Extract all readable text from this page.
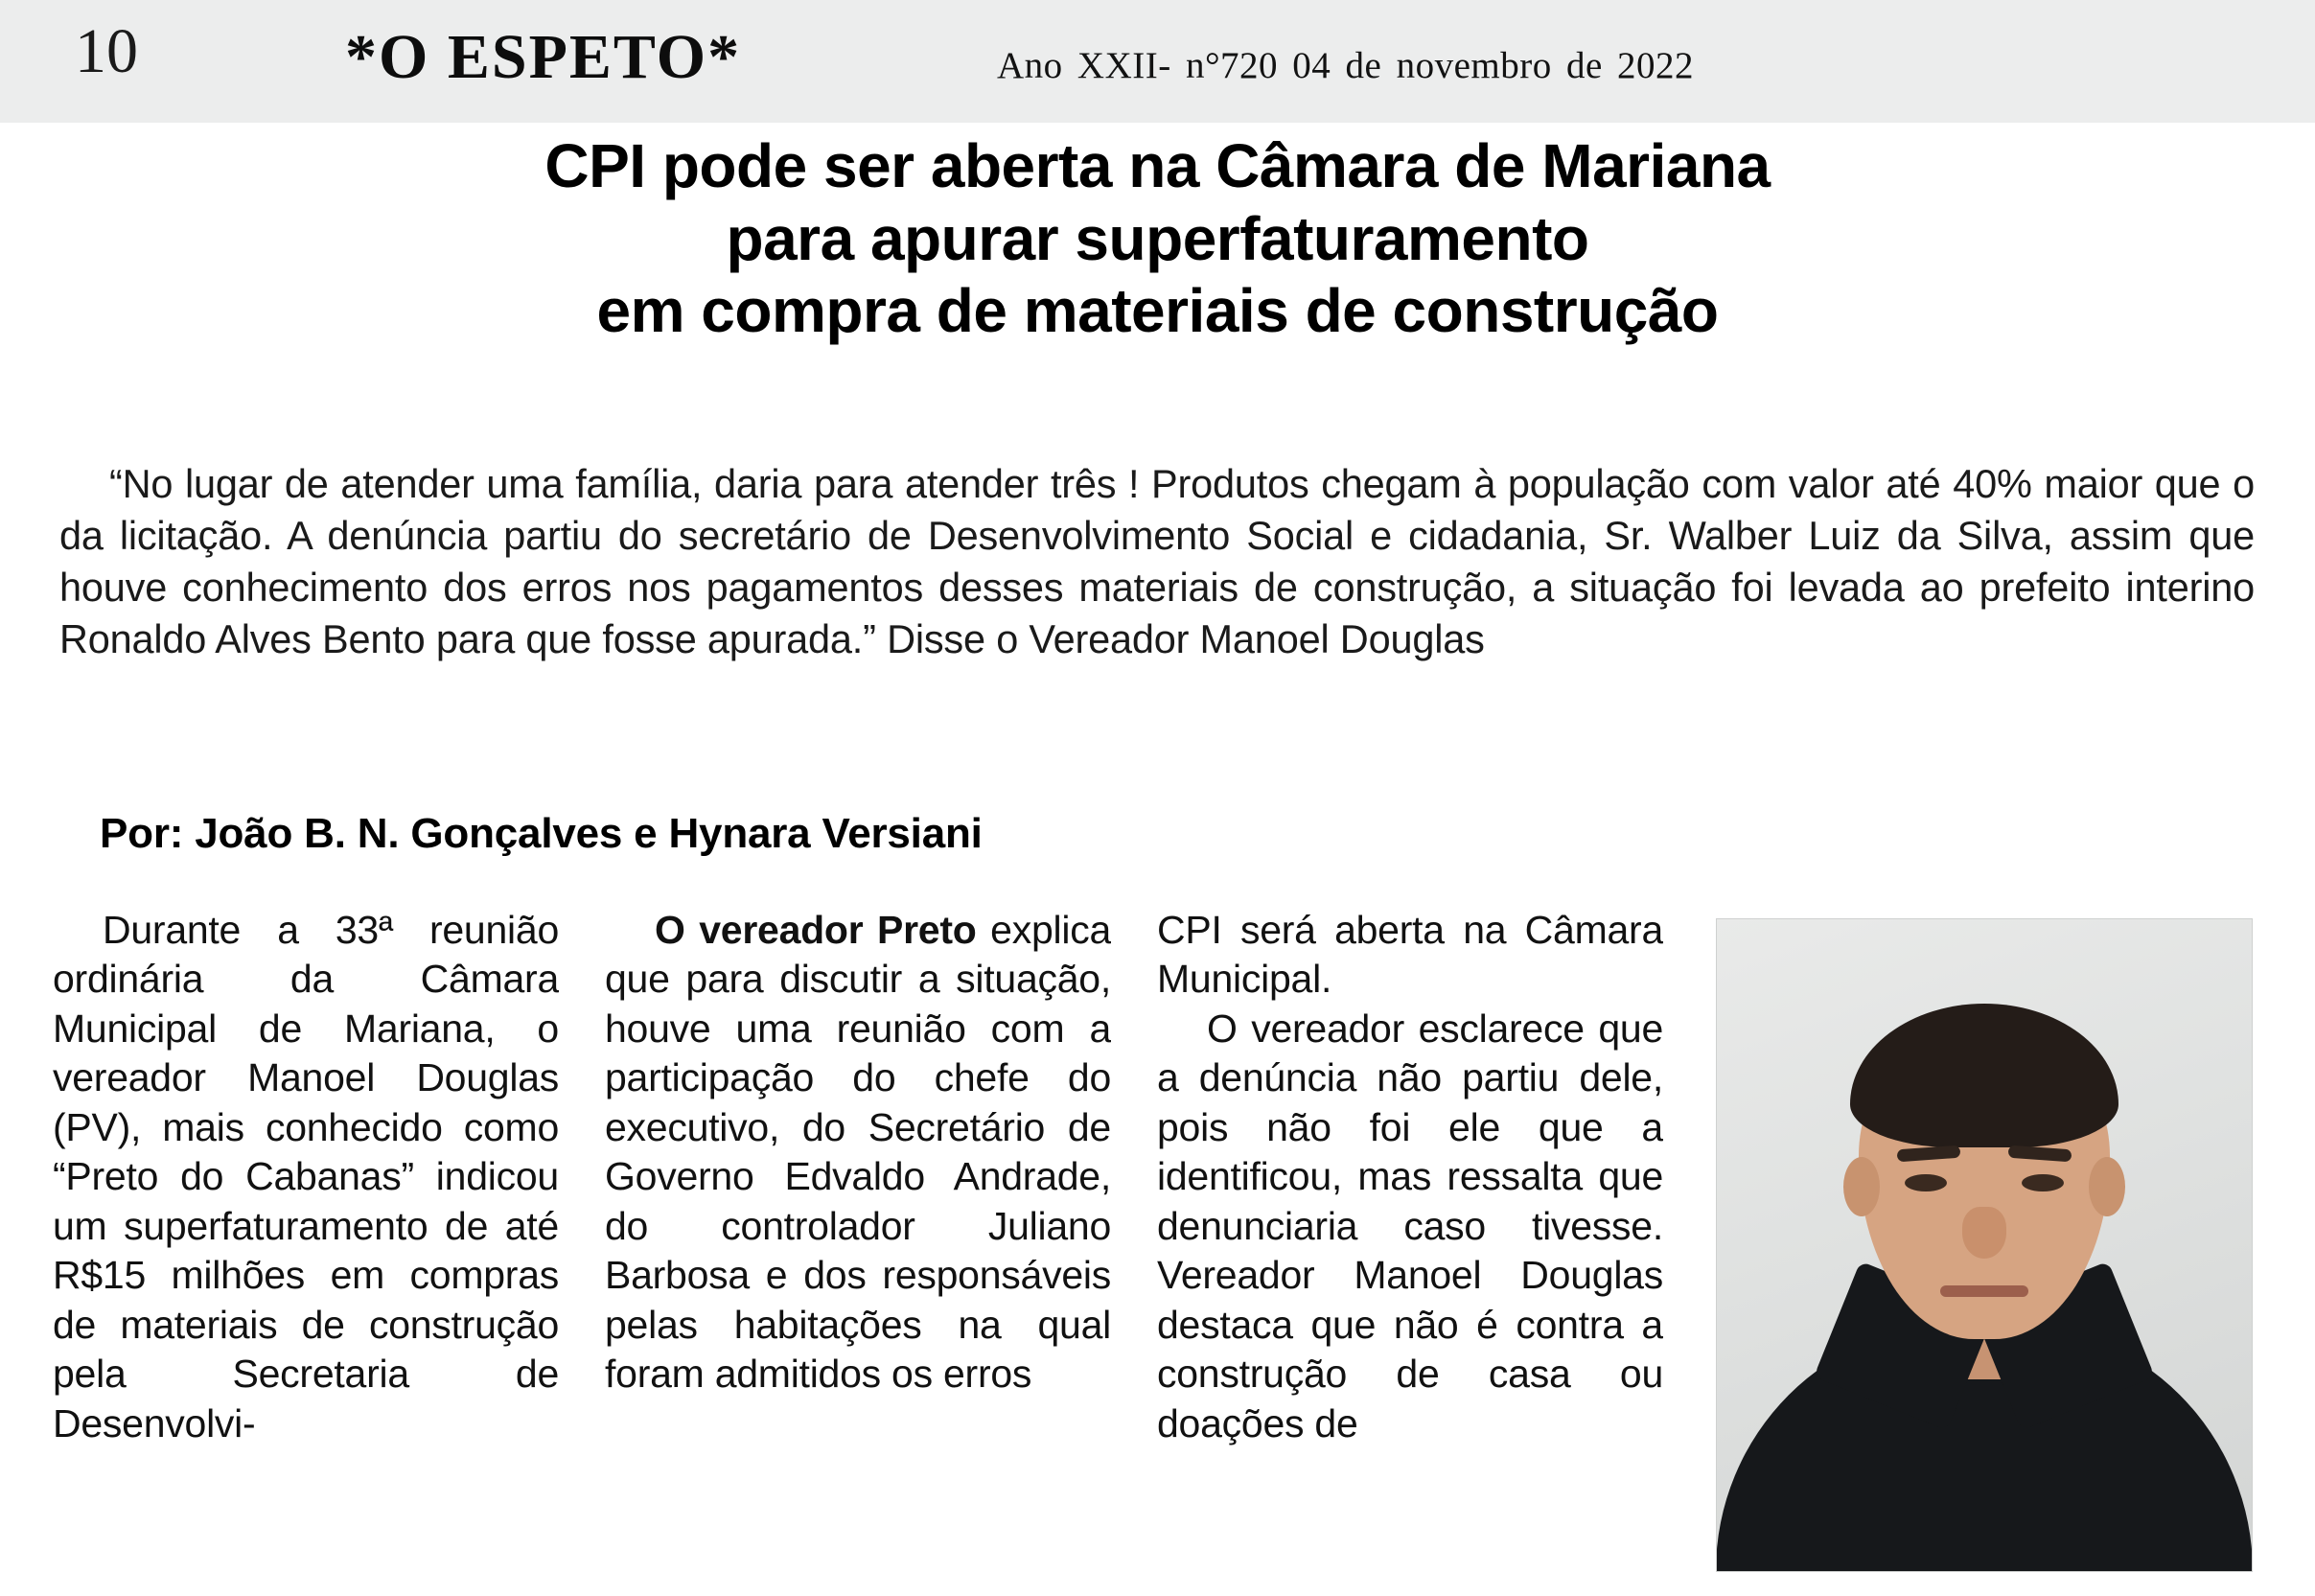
10	*O ESPETO*	Ano XXII- n°720 04 de novembro de 2022
CPI pode ser aberta na Câmara de Mariana
para apurar superfaturamento
em compra de materiais de construção
“No lugar de atender uma família, daria para atender três ! Produtos chegam à população com valor até 40% maior que o da licitação. A denúncia partiu do secretário de Desenvolvimento Social e cidadania, Sr. Walber Luiz da Silva, assim que houve conhecimento dos erros nos pagamentos desses materiais de construção, a situação foi levada ao prefeito interino Ronaldo Alves Bento para que fosse apurada.” Disse o Vereador Manoel Douglas
Por: João B. N. Gonçalves e Hynara Versiani

Durante a 33ª reunião ordinária da Câmara Municipal de Mariana, o vereador Manoel Douglas (PV), mais conhecido como “Preto do Cabanas” indicou um superfaturamento de até R$15 milhões em compras de materiais de construção pela Secretaria de Desenvolvi-

O vereador Preto explica que para discutir a situação, houve uma reunião com a participação do chefe do executivo, do Secretário de Governo Edvaldo Andrade, do controlador Juliano Barbosa e dos responsáveis pelas habitações na qual foram admitidos os erros

CPI será aberta na Câmara Municipal.

O vereador esclarece que a denúncia não partiu dele, pois não foi ele que a identificou, mas ressalta que denunciaria caso tivesse. Vereador Manoel Douglas destaca que não é contra a construção de casa ou doações de
